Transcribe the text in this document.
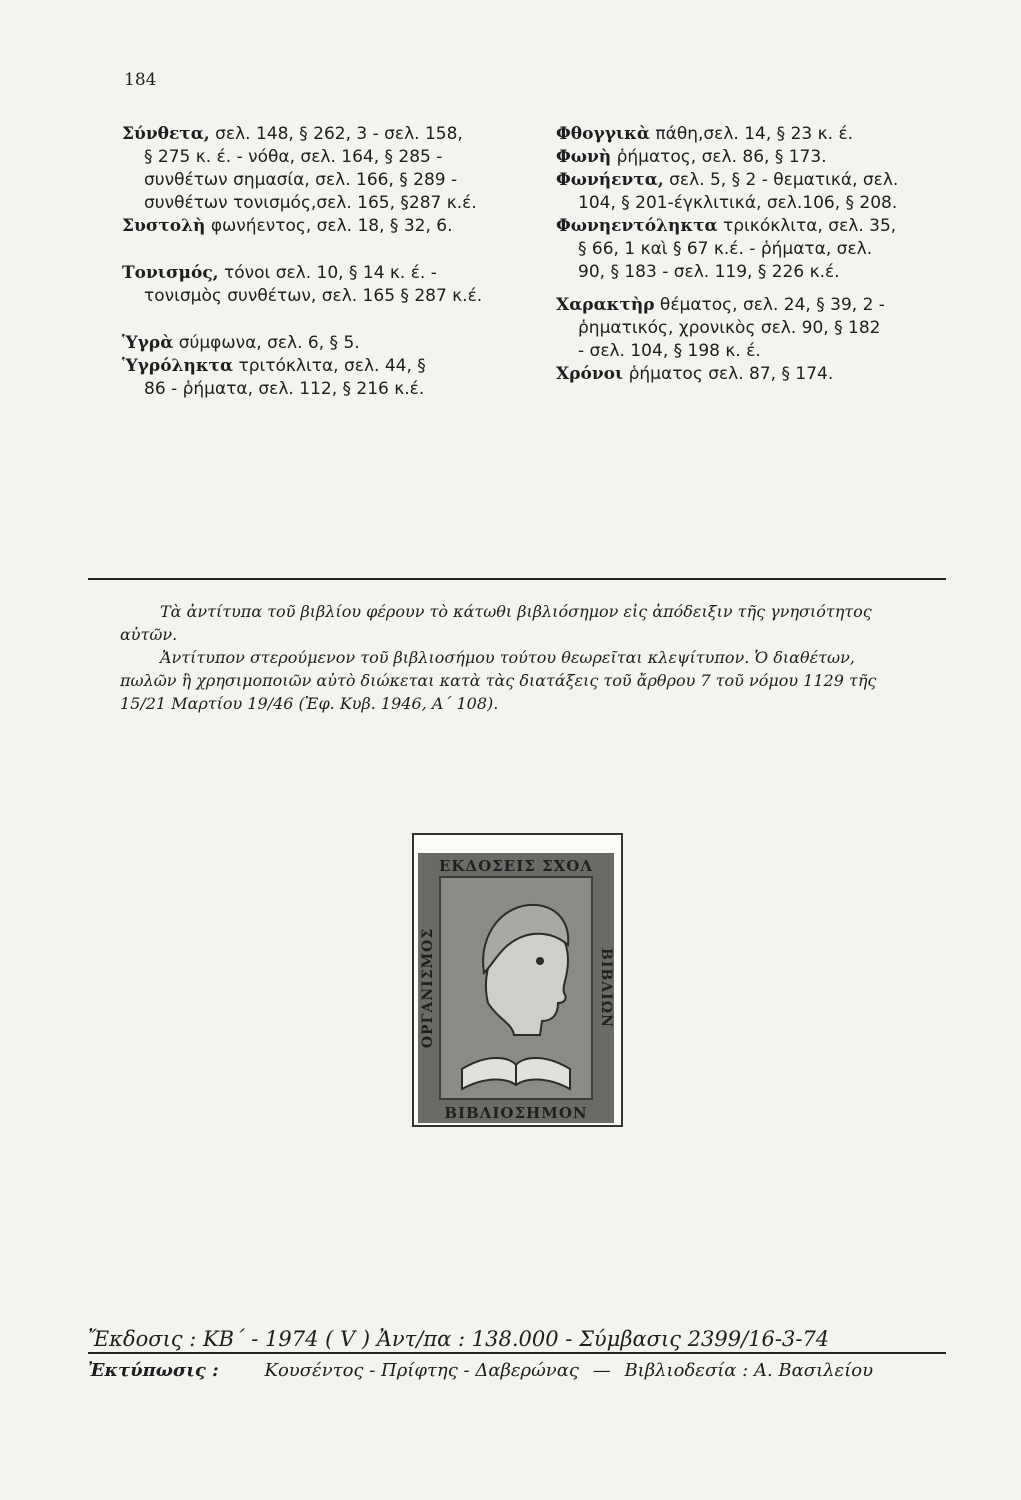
184

Σύνθετα, σελ. 148, § 262, 3 - σελ. 158,
§ 275 κ. έ. - νόθα, σελ. 164, § 285 -
συνθέτων σημασία, σελ. 166, § 289 -
συνθέτων τονισμός,σελ. 165, §287 κ.έ.

Συστολὴ φωνήεντος, σελ. 18, § 32, 6.

Τονισμός, τόνοι σελ. 10, § 14 κ. έ. -
τονισμὸς συνθέτων, σελ. 165 § 287 κ.έ.

Ὑγρὰ σύμφωνα, σελ. 6, § 5.

Ὑγρόληκτα τριτόκλιτα, σελ. 44, §
86 - ῥήματα, σελ. 112, § 216 κ.έ.

Φθογγικὰ πάθη,σελ. 14, § 23 κ. έ.

Φωνὴ ῥήματος, σελ. 86, § 173.

Φωνήεντα, σελ. 5, § 2 - θεματικά, σελ.
104, § 201-έγκλιτικά, σελ.106, § 208.

Φωνηεντόληκτα τρικόκλιτα, σελ. 35,
§ 66, 1 καὶ § 67 κ.έ. - ῥήματα, σελ.
90, § 183 - σελ. 119, § 226 κ.έ.

Χαρακτὴρ θέματος, σελ. 24, § 39, 2 -
ῥηματικός, χρονικὸς σελ. 90, § 182
- σελ. 104, § 198 κ. έ.

Χρόνοι ῥήματος σελ. 87, § 174.

Τὰ ἀντίτυπα τοῦ βιβλίου φέρουν τὸ κάτωθι βιβλιόσημον εἰς ἀπόδειξιν τῆς γνησιότητος αὐτῶν.

Ἀντίτυπον στερούμενον τοῦ βιβλιοσήμου τούτου θεωρεῖται κλεψίτυπον. Ὁ διαθέτων, πωλῶν ἢ χρησιμοποιῶν αὐτὸ διώκεται κατὰ τὰς διατάξεις τοῦ ἄρθρου 7 τοῦ νόμου 1129 τῆς 15/21 Μαρτίου 19/46 (Ἐφ. Κυβ. 1946, Α΄ 108).

ΕΚΔΟΣΕΙΣ ΣΧΟΛ
ΒΙΒΛΙΟΣΗΜΟΝ
ΟΡΓΑΝΙΣΜΟΣ	ΒΙΒΛΙΩΝ
Ἔκδοσις : ΚΒ΄ - 1974 ( V ) Ἀντ/πα : 138.000 - Σύμβασις 2399/16-3-74
Ἐκτύπωσις :	Κουσέντος - Πρίφτης - Δαβερώνας — Βιβλιοδεσία : Α. Βασιλείου
